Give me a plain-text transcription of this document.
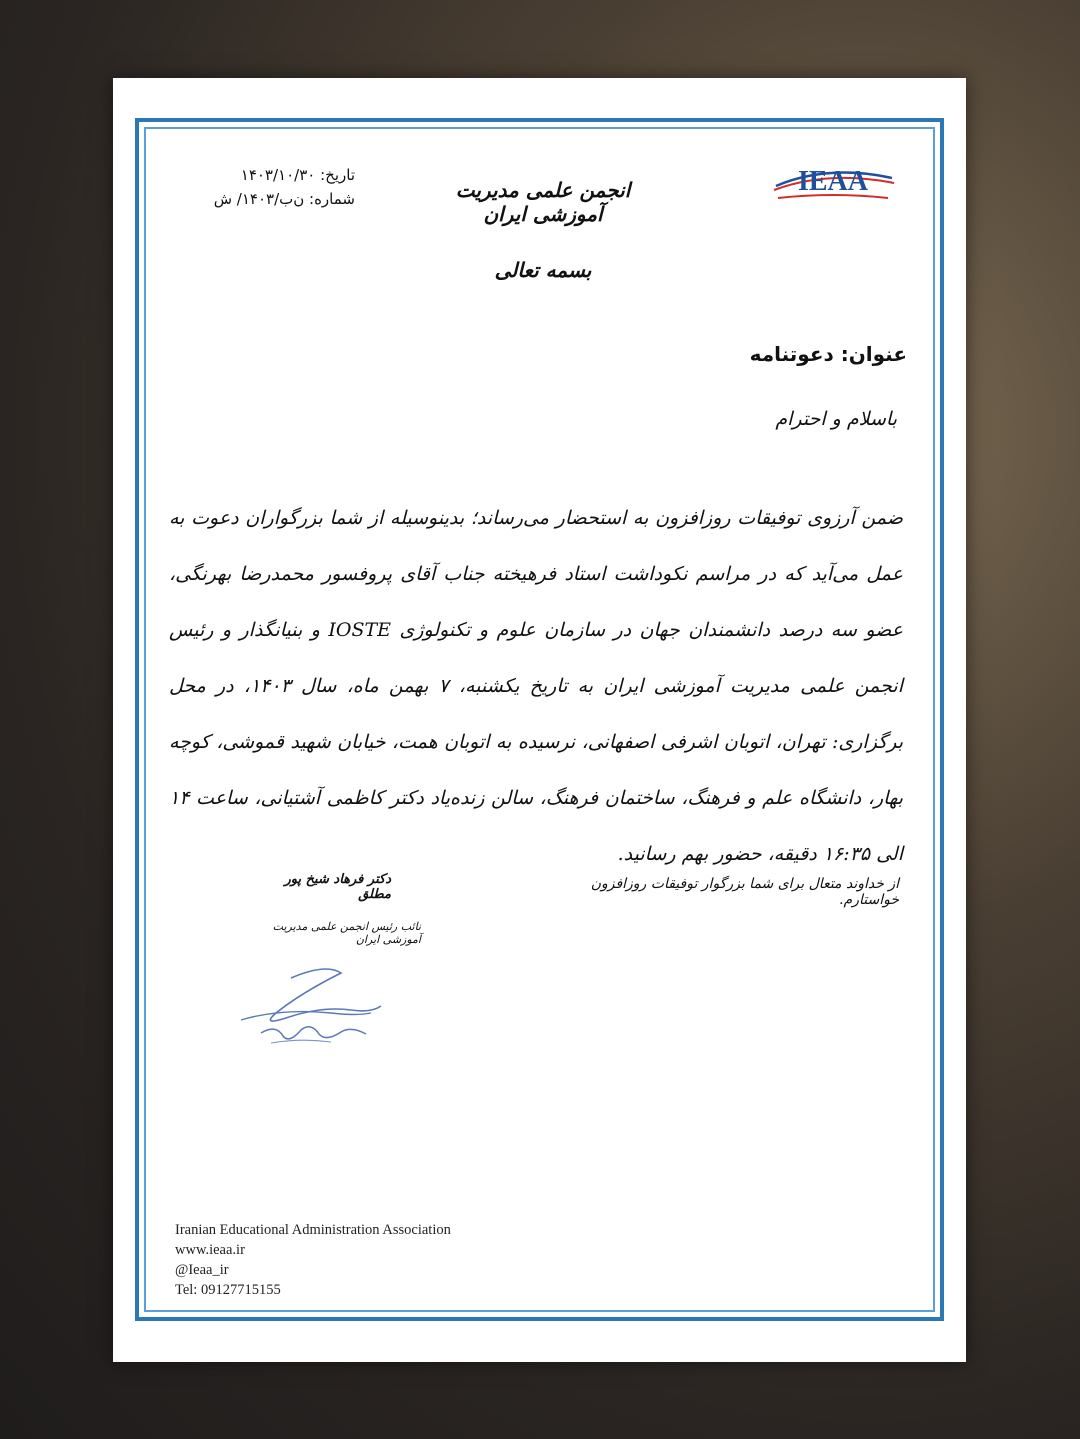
IEAA
انجمن علمی مدیریت آموزشی ایران
تاریخ: ۱۴۰۳/۱۰/۳۰
شماره: ن‌ب/۱۴۰۳/ ش
بسمه تعالی
عنوان: دعوتنامه
باسلام و احترام
ضمن آرزوی توفیقات روزافزون به استحضار می‌رساند؛ بدینوسیله از شما بزرگواران دعوت به عمل می‌آید که در مراسم نکوداشت استاد فرهیخته جناب آقای پروفسور محمدرضا بهرنگی، عضو سه درصد دانشمندان جهان در سازمان علوم و تکنولوژی IOSTE و بنیانگذار و رئیس انجمن علمی مدیریت آموزشی ایران به تاریخ یکشنبه، ۷ بهمن ماه، سال ۱۴۰۳، در محل برگزاری: تهران، اتوبان اشرفی اصفهانی، نرسیده به اتوبان همت، خیابان شهید قموشی، کوچه بهار، دانشگاه علم و فرهنگ، ساختمان فرهنگ، سالن زنده‌یاد دکتر کاظمی آشتیانی، ساعت ۱۴ الی ۱۶:۳۵ دقیقه، حضور بهم رسانید.
از خداوند متعال برای شما بزرگوار توفیقات روزافزون خواستارم.
دکتر فرهاد شیخ پور مطلق
نائب رئیس انجمن علمی مدیریت آموزشی ایران
Iranian Educational Administration Association
www.ieaa.ir
@Ieaa_ir
Tel: 09127715155
